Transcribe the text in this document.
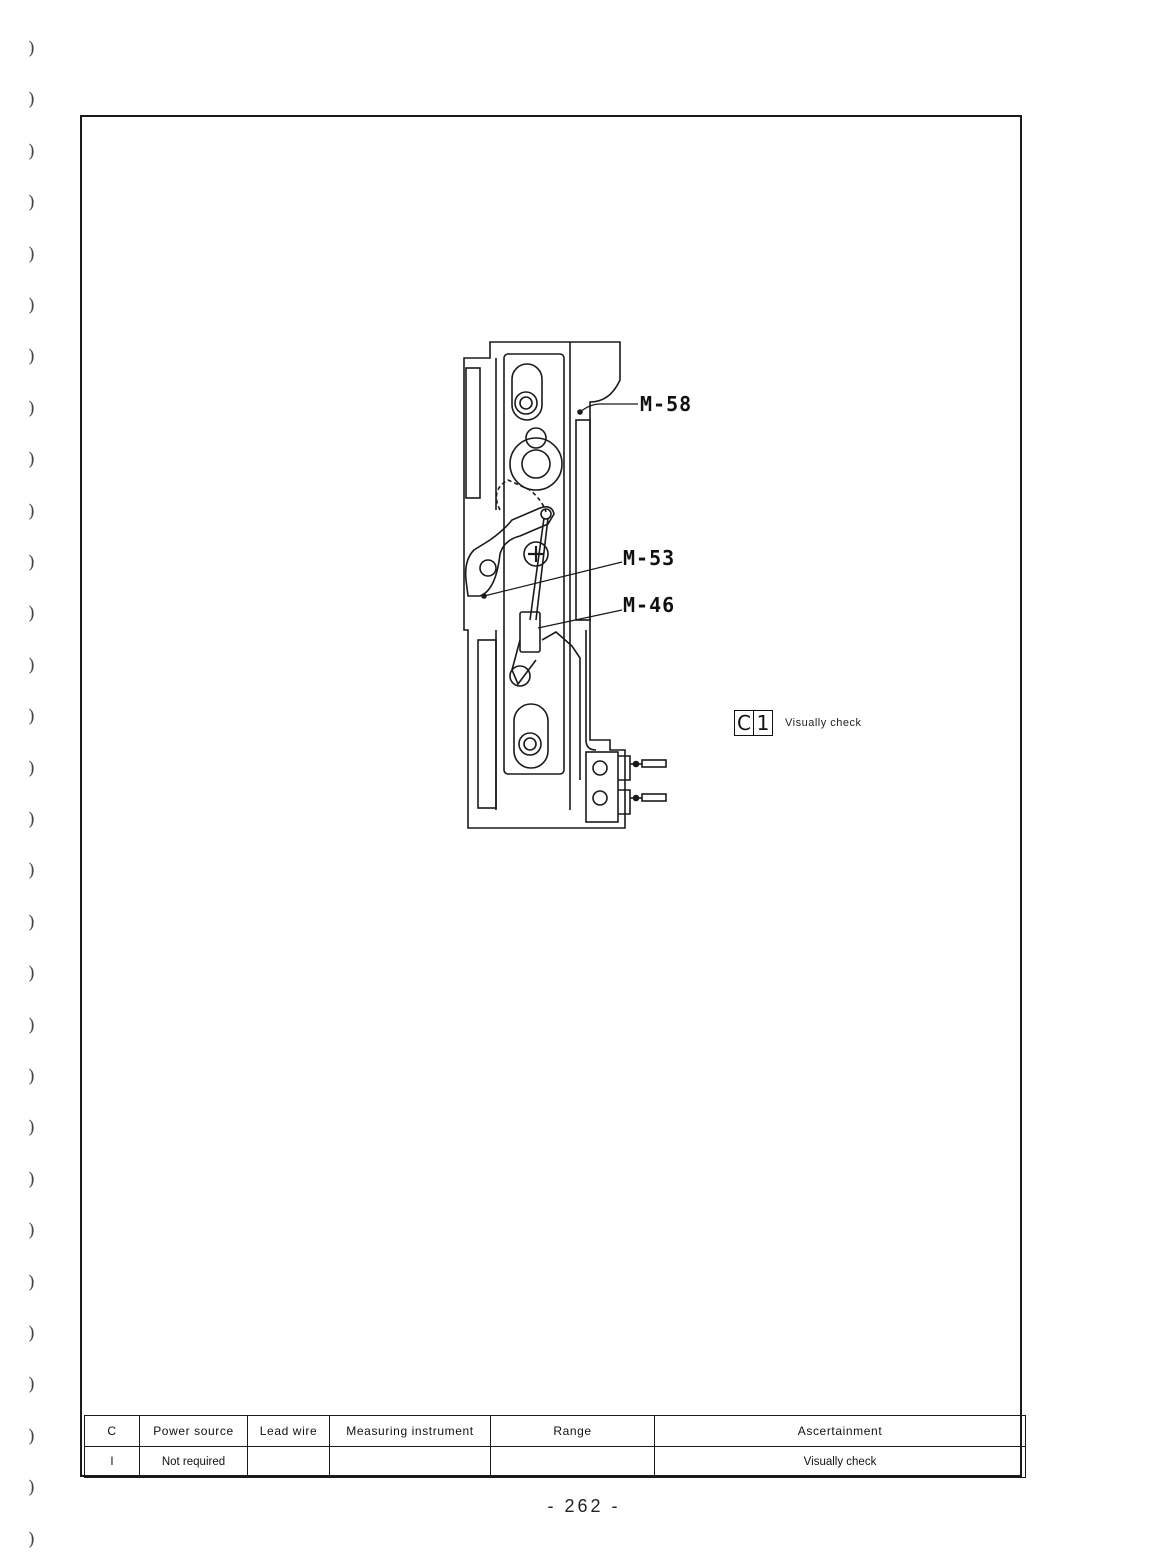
)
)
)
)
)
)
)
)
)
)
)
)
)
)
)
)
)
)
)
)
)
)
)
)
)
)
)
)
)
)
M-58
M-53
M-46
C 1 Visually check
C	Power source	Lead wire	Measuring instrument	Range	Ascertainment
I	Not required				Visually check
- 262 -
